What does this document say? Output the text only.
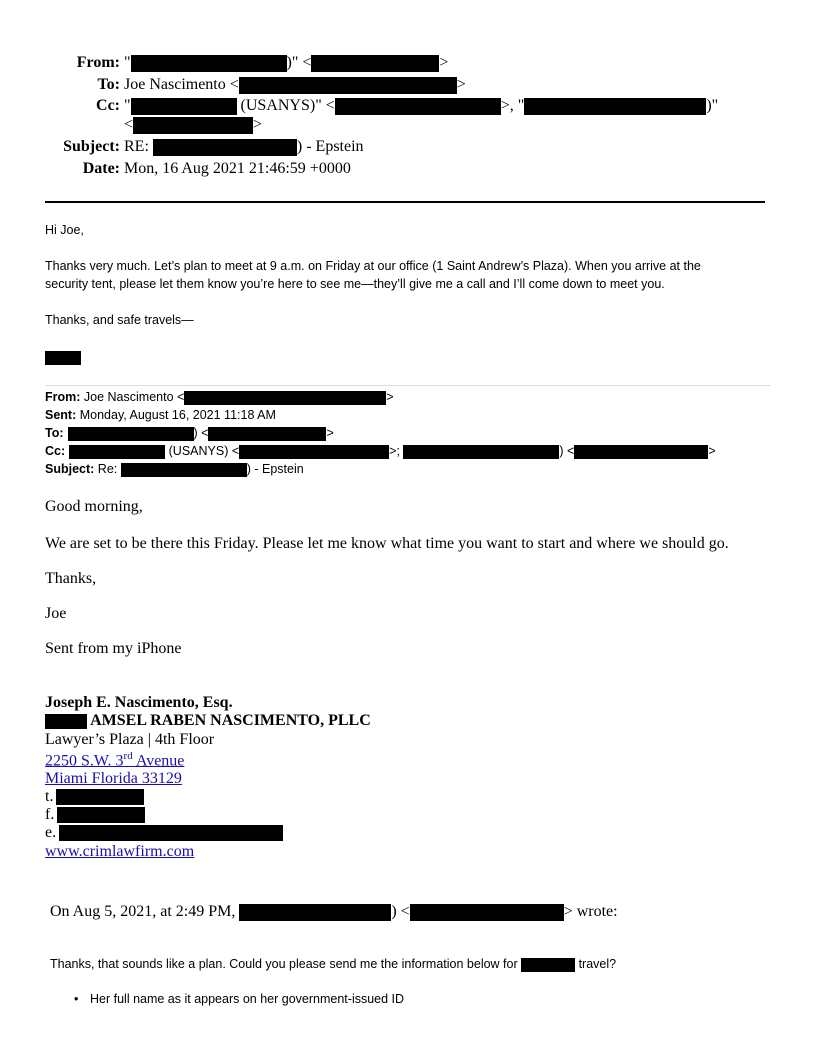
From: "	)" <	>
To: Joe Nascimento <	>
Cc: "	(USANYS)" <	>, "	)"
<	>
Subject: RE:	) - Epstein
Date: Mon, 16 Aug 2021 21:46:59 +0000
Hi Joe,
Thanks very much. Let’s plan to meet at 9 a.m. on Friday at our office (1 Saint Andrew’s Plaza). When you arrive at the
security tent, please let them know you’re here to see me—they’ll give me a call and I’ll come down to meet you.
Thanks, and safe travels—
From: Joe Nascimento <	>
Sent: Monday, August 16, 2021 11:18 AM
To:	) <	>
Cc:	(USANYS) <	>;	) <	>
Subject: Re:	) - Epstein
Good morning,
We are set to be there this Friday. Please let me know what time you want to start and where we should go.
Thanks,
Joe
Sent from my iPhone
Joseph E. Nascimento, Esq.
AMSEL RABEN NASCIMENTO, PLLC
Lawyer’s Plaza | 4th Floor
2250 S.W. 3rd Avenue
Miami Florida 33129
t.
f.
e.
www.crimlawfirm.com
On Aug 5, 2021, at 2:49 PM,	) <	> wrote:
Thanks, that sounds like a plan. Could you please send me the information below for	travel?
• Her full name as it appears on her government-issued ID
